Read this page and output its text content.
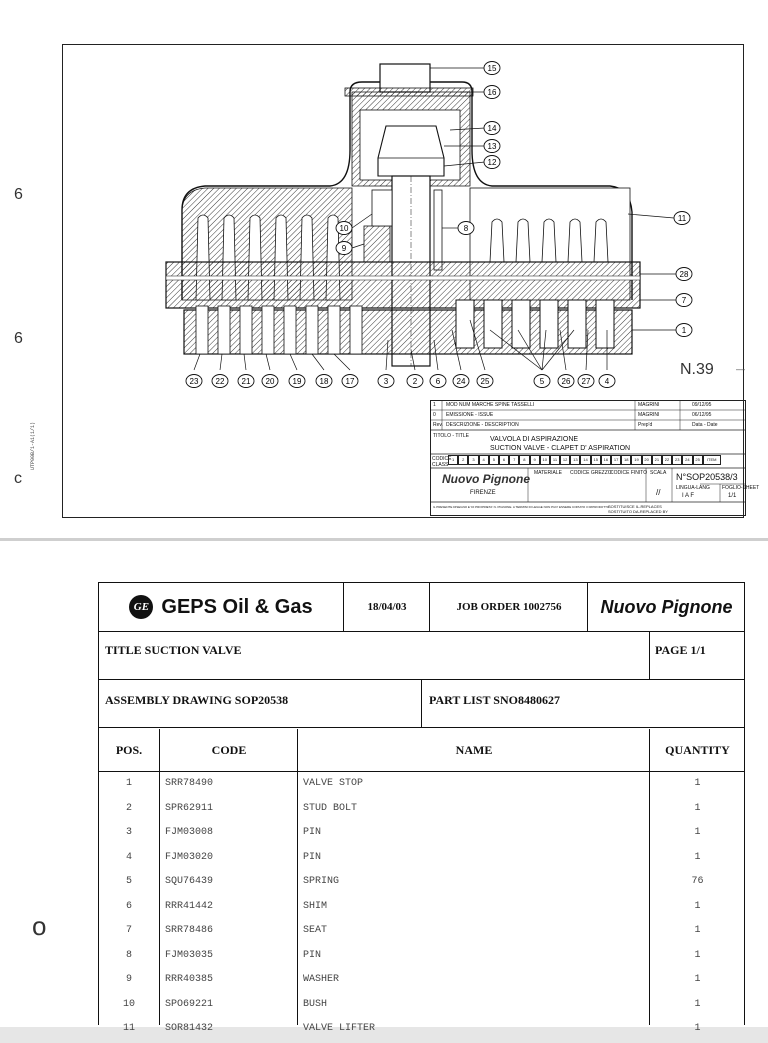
UTP00B/1-A1(1/1)
6
6
c
15
16
14
13
12
11
10
9
8
28
7
1
23 22 21 20 19 18 17	3	2 6 24 25	5 26 27 4
N.39 —
1 MOD NUM MARCHE SPINE TASSELLI	MAGRINI	09/12/95
0 EMISSIONE - ISSUE	MAGRINI	06/12/95
Rev. DESCRIZIONE - DESCRIPTION	Prep'd	Data - Date
TITOLO - TITLE	VALVOLA DI ASPIRAZIONE
SUCTION VALVE - CLAPET D' ASPIRATION
CODICE
CLASS
1 2 3 4 5 6 7 8 9 10 11 12 13 14 15 16 17 18 19 20 21 22 23 24 25 ITEM
MATERIALE CODICE GREZZO
CODICE FINITO SCALA
Nuovo Pignone
FIRENZE	//
N°SOP20538/3
LINGUA-LANG
I A F
FOGLIO-SHEET
1/1
SOSTITUISCE IL-REPLACES
SOSTITUITO DA-REPLACED BY
IL PRESENTE DISEGNO E' DI PROPRIETA' N. PIGNONE. A TERMINI DI LEGGE NON PUO' ESSERE COPIATO O RIPRODOTTO
o
GE GEPS Oil & Gas	18/04/03	JOB ORDER 1002756	Nuovo Pignone
TITLE SUCTION VALVE	PAGE 1/1
ASSEMBLY DRAWING SOP20538	PART LIST SNO8480627
POS.	CODE	NAME	QUANTITY
1	SRR78490	VALVE STOP	1
2	SPR62911	STUD BOLT	1
3	FJM03008	PIN	1
4	FJM03020	PIN	1
5	SQU76439	SPRING	76
6	RRR41442	SHIM	1
7	SRR78486	SEAT	1
8	FJM03035	PIN	1
9	RRR40385	WASHER	1
10	SPO69221	BUSH	1
11	SOR81432	VALVE LIFTER	1
